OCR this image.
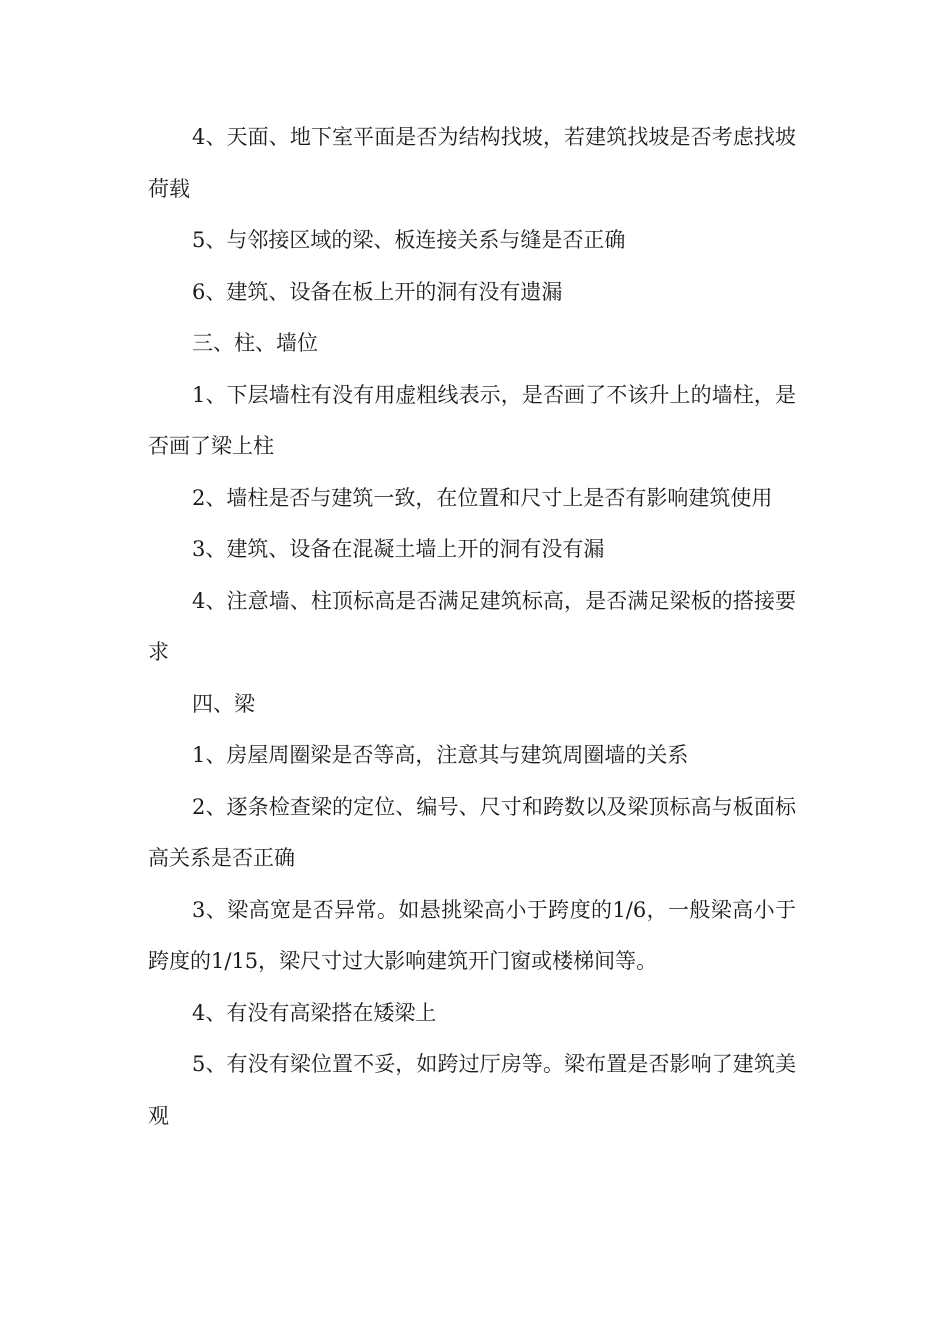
4、天面、地下室平面是否为结构找坡，若建筑找坡是否考虑找坡荷载

5、与邻接区域的梁、板连接关系与缝是否正确

6、建筑、设备在板上开的洞有没有遗漏

三、柱、墙位

1、下层墙柱有没有用虚粗线表示，是否画了不该升上的墙柱，是否画了梁上柱

2、墙柱是否与建筑一致，在位置和尺寸上是否有影响建筑使用

3、建筑、设备在混凝土墙上开的洞有没有漏

4、注意墙、柱顶标高是否满足建筑标高，是否满足梁板的搭接要求

四、梁

1、房屋周圈梁是否等高，注意其与建筑周圈墙的关系

2、逐条检查梁的定位、编号、尺寸和跨数以及梁顶标高与板面标高关系是否正确

3、梁高宽是否异常。如悬挑梁高小于跨度的1/6，一般梁高小于跨度的1/15，梁尺寸过大影响建筑开门窗或楼梯间等。

4、有没有高梁搭在矮梁上

5、有没有梁位置不妥，如跨过厅房等。梁布置是否影响了建筑美观
